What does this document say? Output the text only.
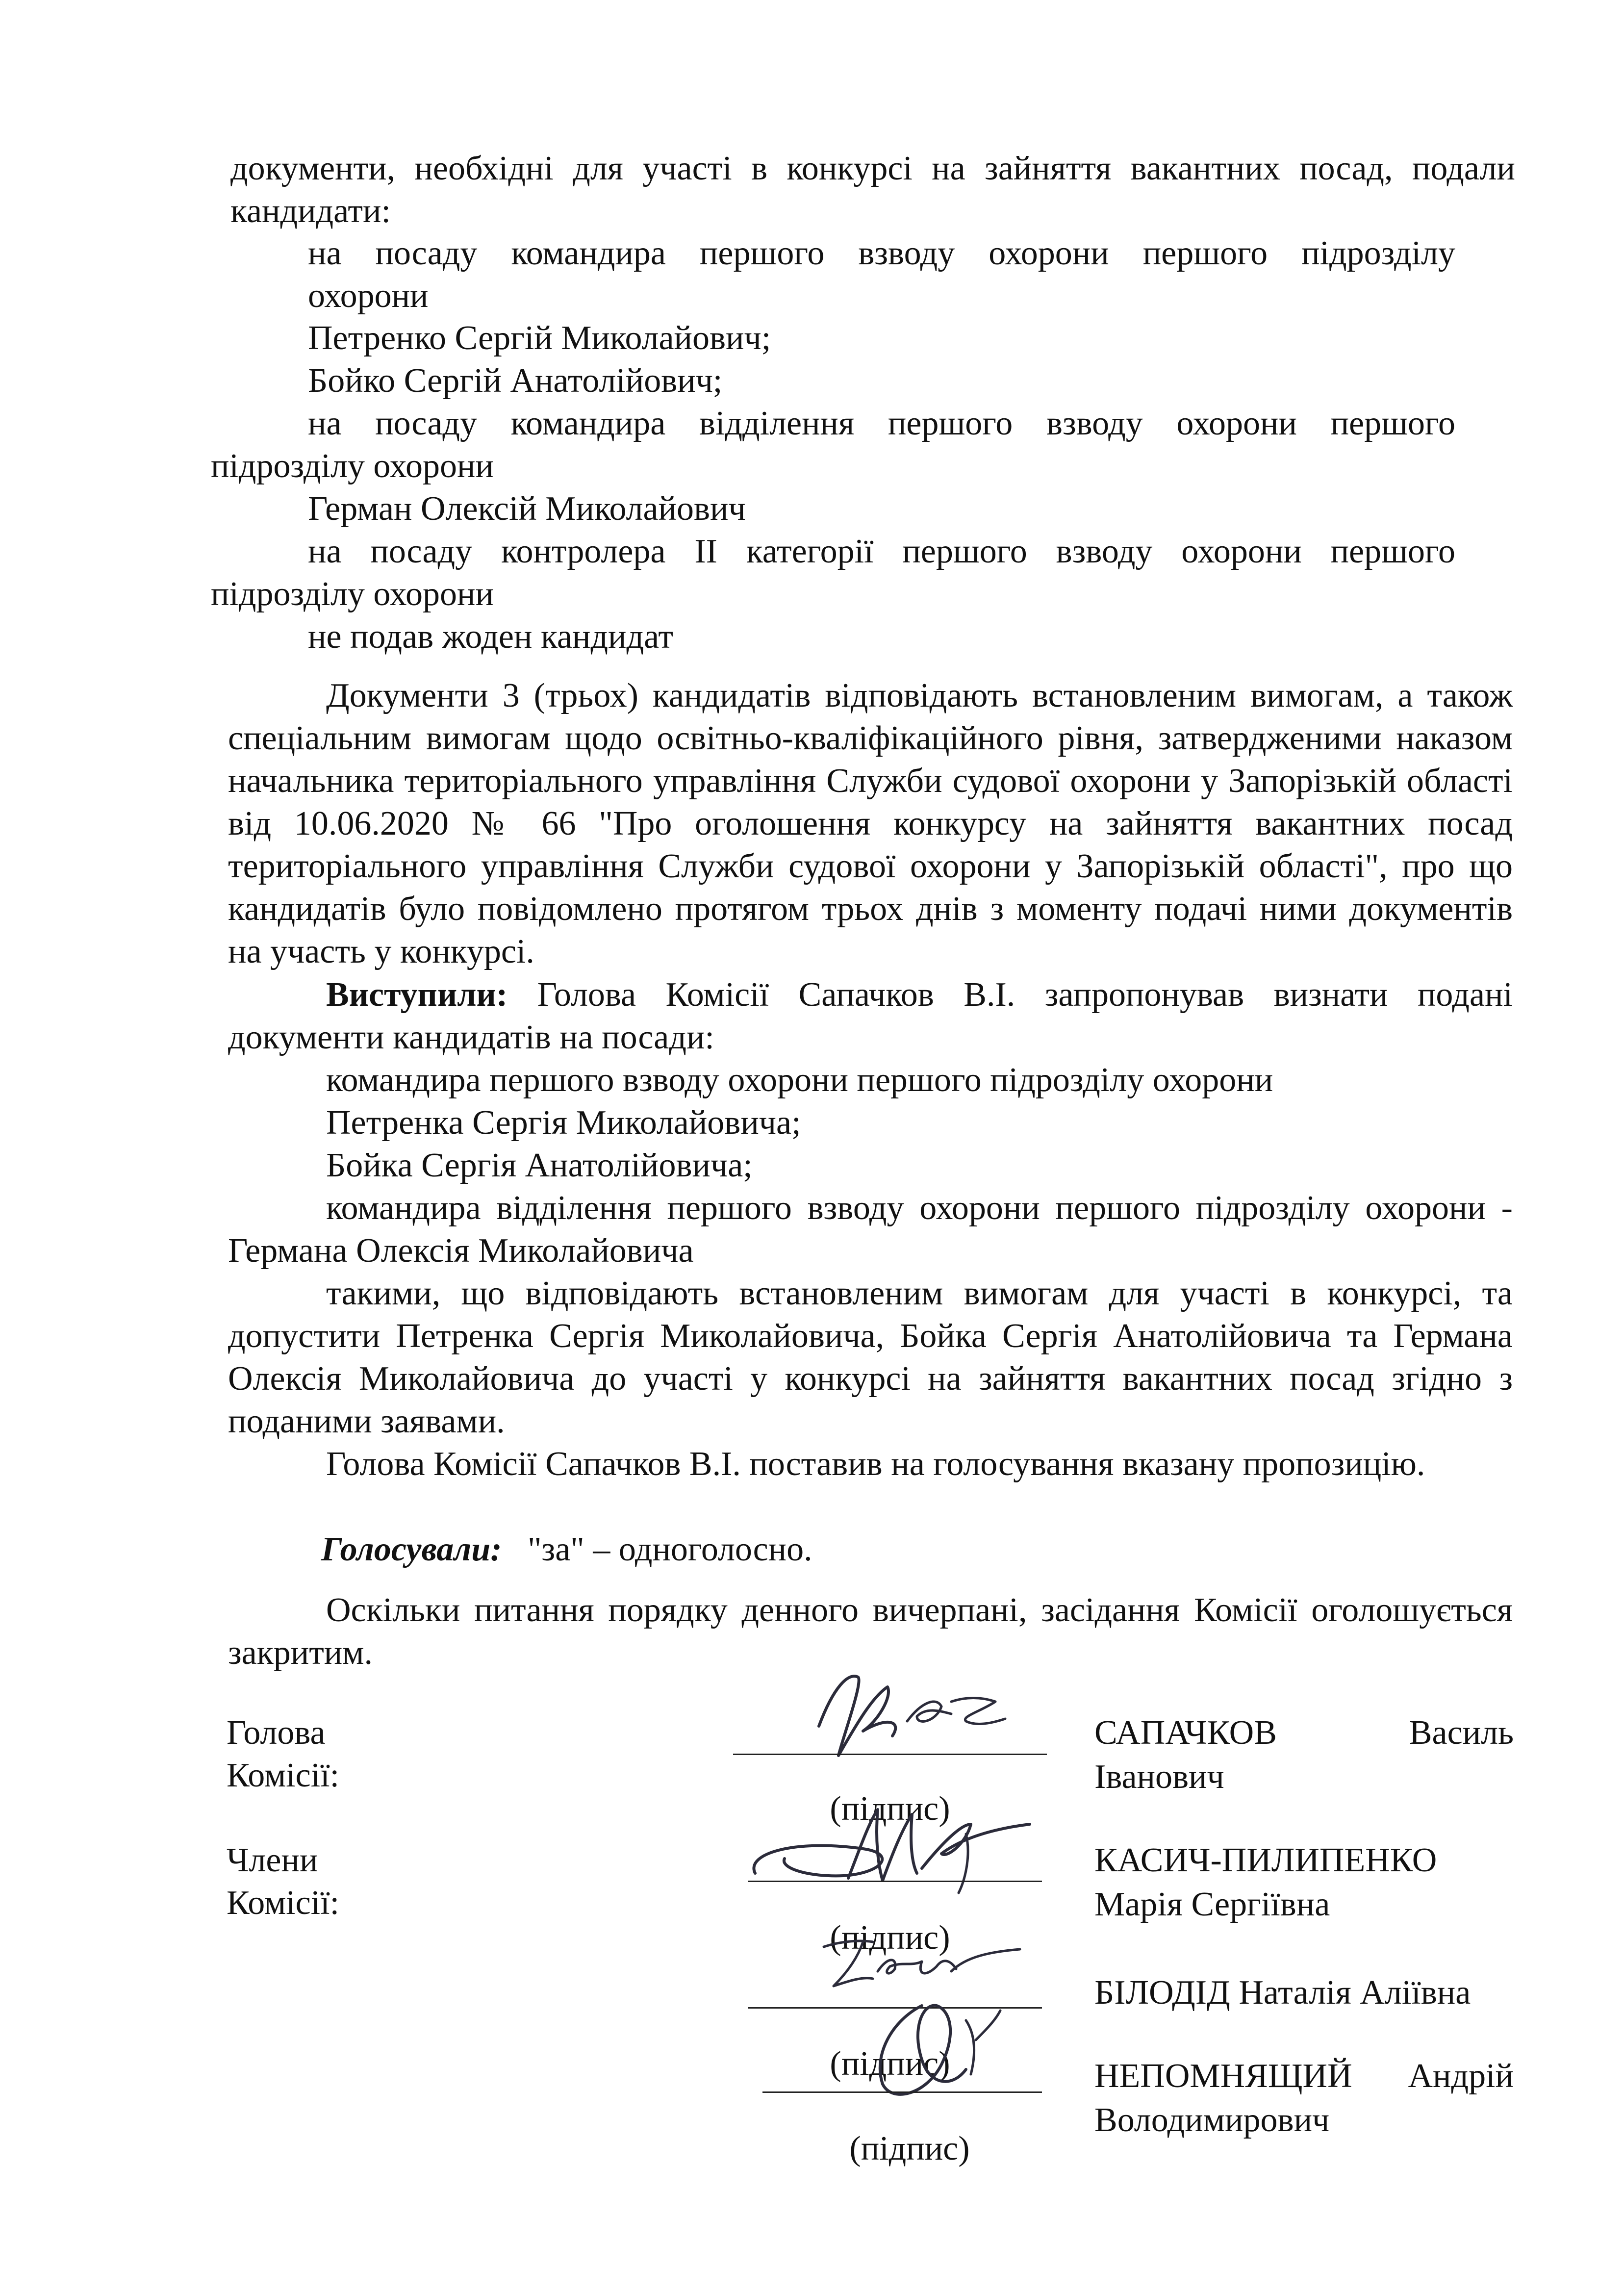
документи, необхідні для участі в конкурсі на зайняття вакантних посад, подали кандидати:

на посаду командира першого взводу охорони першого підрозділу

охорони

Петренко Сергій Миколайович;

Бойко Сергій Анатолійович;

на посаду командира відділення першого взводу охорони першого

підрозділу охорони

Герман Олексій Миколайович

на посаду контролера ІІ категорії першого взводу охорони першого

підрозділу охорони

не подав жоден кандидат

Документи 3 (трьох) кандидатів відповідають встановленим вимогам, а також спеціальним вимогам щодо освітньо-кваліфікаційного рівня, затвердженими наказом начальника територіального управління Служби судової охорони у Запорізькій області від 10.06.2020 № 66 "Про оголошення конкурсу на зайняття вакантних посад територіального управління Служби судової охорони у Запорізькій області", про що кандидатів було повідомлено протягом трьох днів з моменту подачі ними документів на участь у конкурсі.

Виступили: Голова Комісії Сапачков В.І. запропонував визнати подані документи кандидатів на посади:

командира першого взводу охорони першого підрозділу охорони

Петренка Сергія Миколайовича;

Бойка Сергія Анатолійовича;

командира відділення першого взводу охорони першого підрозділу охорони - Германа Олексія Миколайовича

такими, що відповідають встановленим вимогам для участі в конкурсі, та допустити Петренка Сергія Миколайовича, Бойка Сергія Анатолійовича та Германа Олексія Миколайовича до участі у конкурсі на зайняття вакантних посад згідно з поданими заявами.

Голова Комісії Сапачков В.І. поставив на голосування вказану пропозицію.

Голосували: "за" – одноголосно.

Оскільки питання порядку денного вичерпані, засідання Комісії оголошується закритим.

Голова

Комісії:

(підпис)

САПАЧКОВ	Василь

Іванович

Члени

Комісії:

(підпис)

КАСИЧ-ПИЛИПЕНКО

Марія Сергіївна

(підпис)

БІЛОДІД Наталія Аліївна

(підпис)

НЕПОМНЯЩИЙ Андрій

Володимирович
